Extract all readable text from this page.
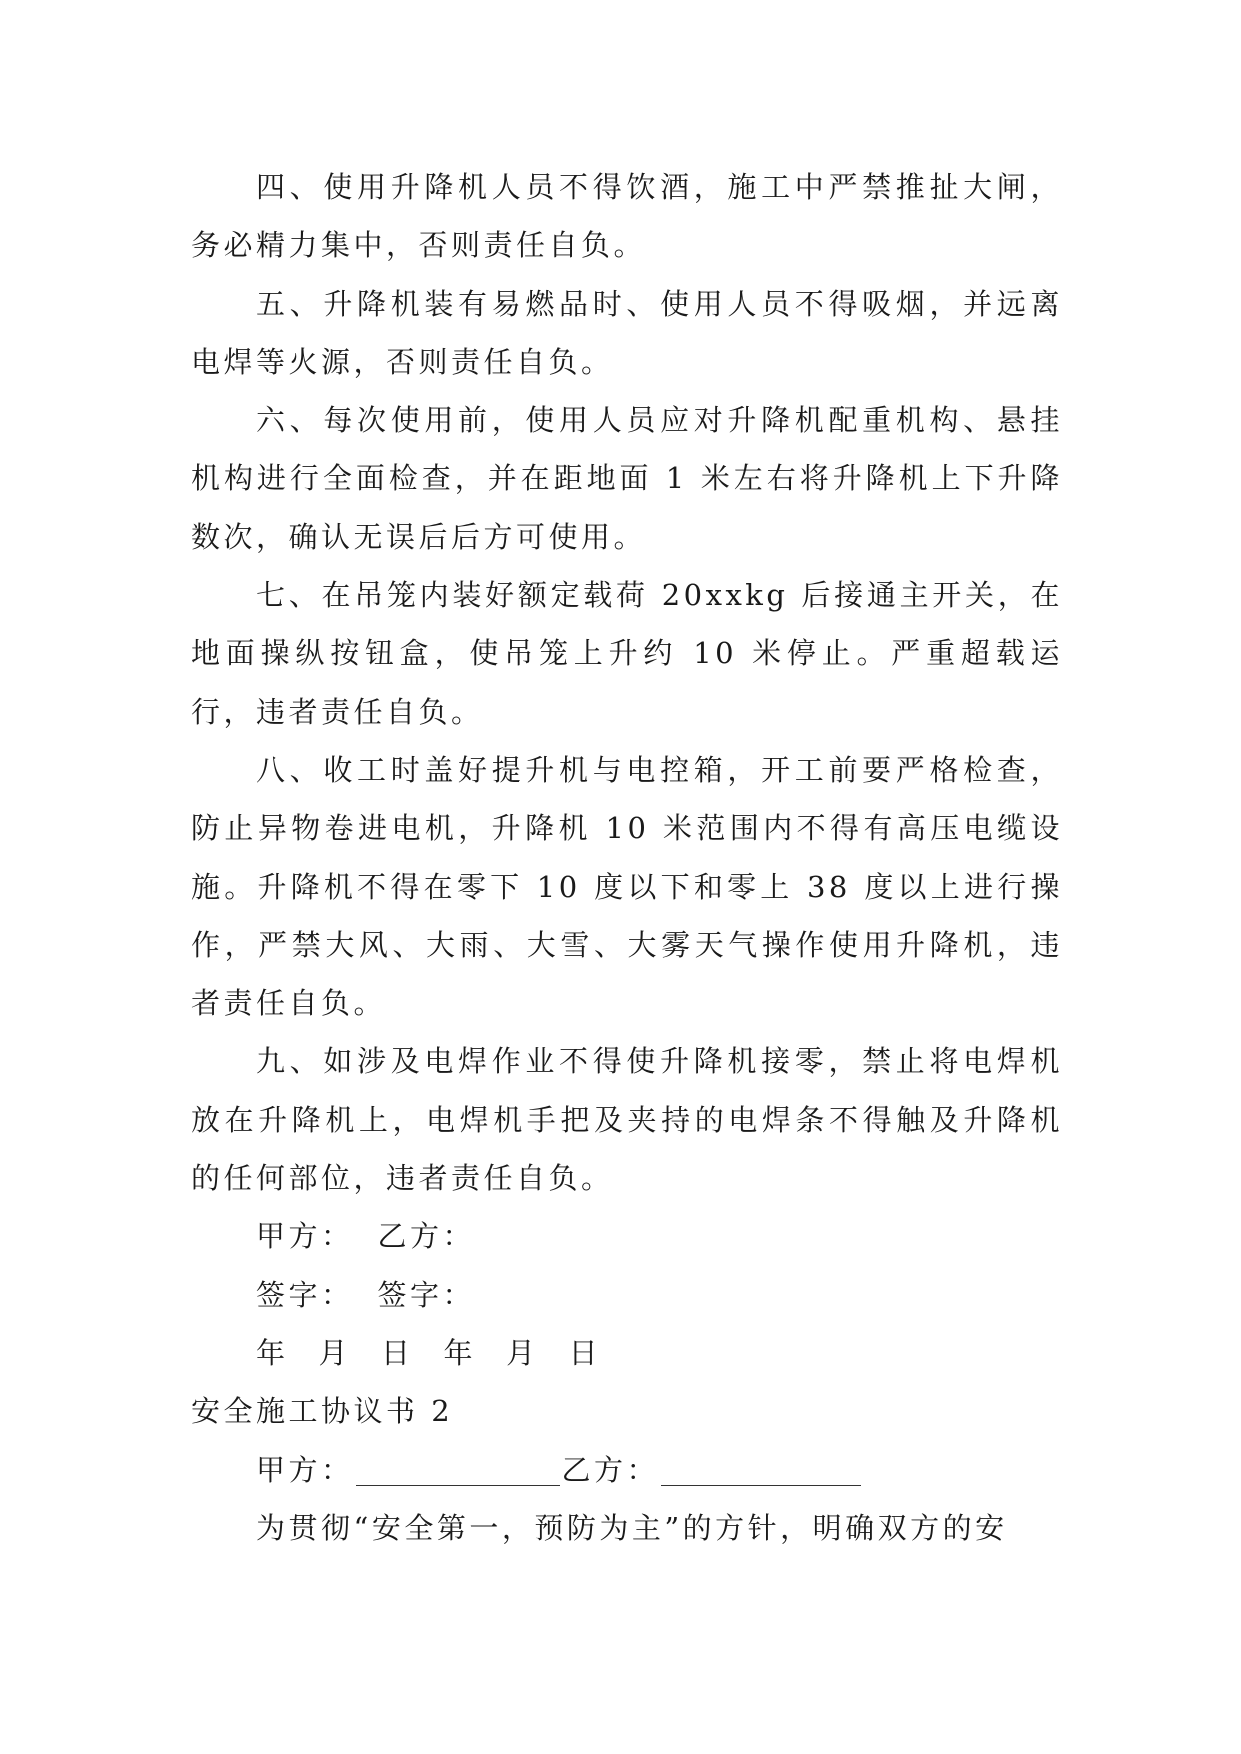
四、使用升降机人员不得饮酒，施工中严禁推扯大闸，务必精力集中，否则责任自负。

五、升降机装有易燃品时、使用人员不得吸烟，并远离电焊等火源，否则责任自负。

六、每次使用前，使用人员应对升降机配重机构、悬挂机构进行全面检查，并在距地面 1 米左右将升降机上下升降数次，确认无误后后方可使用。

七、在吊笼内装好额定载荷 20xxkg 后接通主开关，在地面操纵按钮盒，使吊笼上升约 10 米停止。严重超载运行，违者责任自负。

八、收工时盖好提升机与电控箱，开工前要严格检查，防止异物卷进电机，升降机 10 米范围内不得有高压电缆设施。升降机不得在零下 10 度以下和零上 38 度以上进行操作，严禁大风、大雨、大雪、大雾天气操作使用升降机，违者责任自负。

九、如涉及电焊作业不得使升降机接零，禁止将电焊机放在升降机上，电焊机手把及夹持的电焊条不得触及升降机的任何部位，违者责任自负。

甲方： 乙方：

签字： 签字：

年 月 日 年 月 日

安全施工协议书 2

甲方：	乙方：

为贯彻“安全第一，预防为主”的方针，明确双方的安
